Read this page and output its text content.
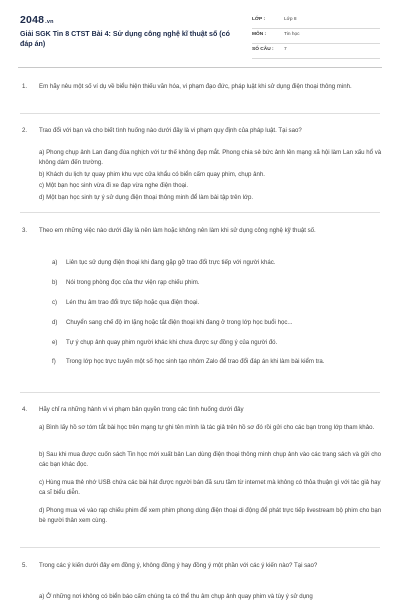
2048.vn
Giải SGK Tin 8 CTST Bài 4: Sử dụng công nghệ kĩ thuật số (có đáp án)
LỚP :	Lớp 8
MÔN :	Tin học
SỐ CÂU : 7
1. Em hãy nêu một số ví dụ về biểu hiện thiếu văn hóa, vi phạm đạo đức, pháp luật khi sử dụng điện thoại thông minh.
2. Trao đổi với bạn và cho biết tình huống nào dưới đây là vi phạm quy định của pháp luật. Tại sao?
a) Phong chụp ảnh Lan đang đùa nghịch với tư thế không đẹp mắt. Phong chia sẻ bức ảnh lên mạng xã hội làm Lan xấu hổ và không dám đến trường.
b) Khách du lịch tự quay phim khu vực cửa khẩu có biển cấm quay phim, chụp ảnh.
c) Một bạn học sinh vừa đi xe đạp vừa nghe điện thoại.
d) Một bạn học sinh tự ý sử dụng điện thoại thông minh để làm bài tập trên lớp.
3. Theo em những việc nào dưới đây là nên làm hoặc không nên làm khi sử dụng công nghệ kỹ thuật số.
a) Liên tục sử dụng điện thoại khi đang gặp gỡ trao đổi trực tiếp với người khác.
b) Nói trong phòng đọc của thư viện rạp chiếu phim.
c) Lén thu âm trao đổi trực tiếp hoặc qua điện thoại.
d) Chuyển sang chế độ im lặng hoặc tắt điện thoại khi đang ở trong lớp học buổi học...
e) Tự ý chụp ảnh quay phim người khác khi chưa được sự đồng ý của người đó.
f) Trong lớp học trực tuyến một số học sinh tạo nhóm Zalo để trao đổi đáp án khi làm bài kiểm tra.
4. Hãy chỉ ra những hành vi vi phạm bản quyền trong các tình huống dưới đây
a) Bình lấy hồ sơ tóm tắt bài học trên mạng tự ghi tên mình là tác giả trên hồ sơ đó rồi gửi cho các bạn trong lớp tham khảo.
b) Sau khi mua được cuốn sách Tin học mới xuất bản Lan dùng điện thoại thông minh chụp ảnh vào các trang sách và gửi cho các bạn khác đọc.
c) Hùng mua thẻ nhớ USB chứa các bài hát được người bán đã sưu tầm từ internet mà không có thỏa thuận gì với tác giả hay ca sĩ biểu diễn.
d) Phong mua vé vào rạp chiếu phim để xem phim phong dùng điện thoại di động để phát trực tiếp livestream bộ phim cho bạn bè người thân xem cùng.
5. Trong các ý kiến dưới đây em đồng ý, không đồng ý hay đồng ý một phần với các ý kiến nào? Tại sao?
a) Ở những nơi không có biển báo cấm chúng ta có thể thu âm chụp ảnh quay phim và tùy ý sử dụng
